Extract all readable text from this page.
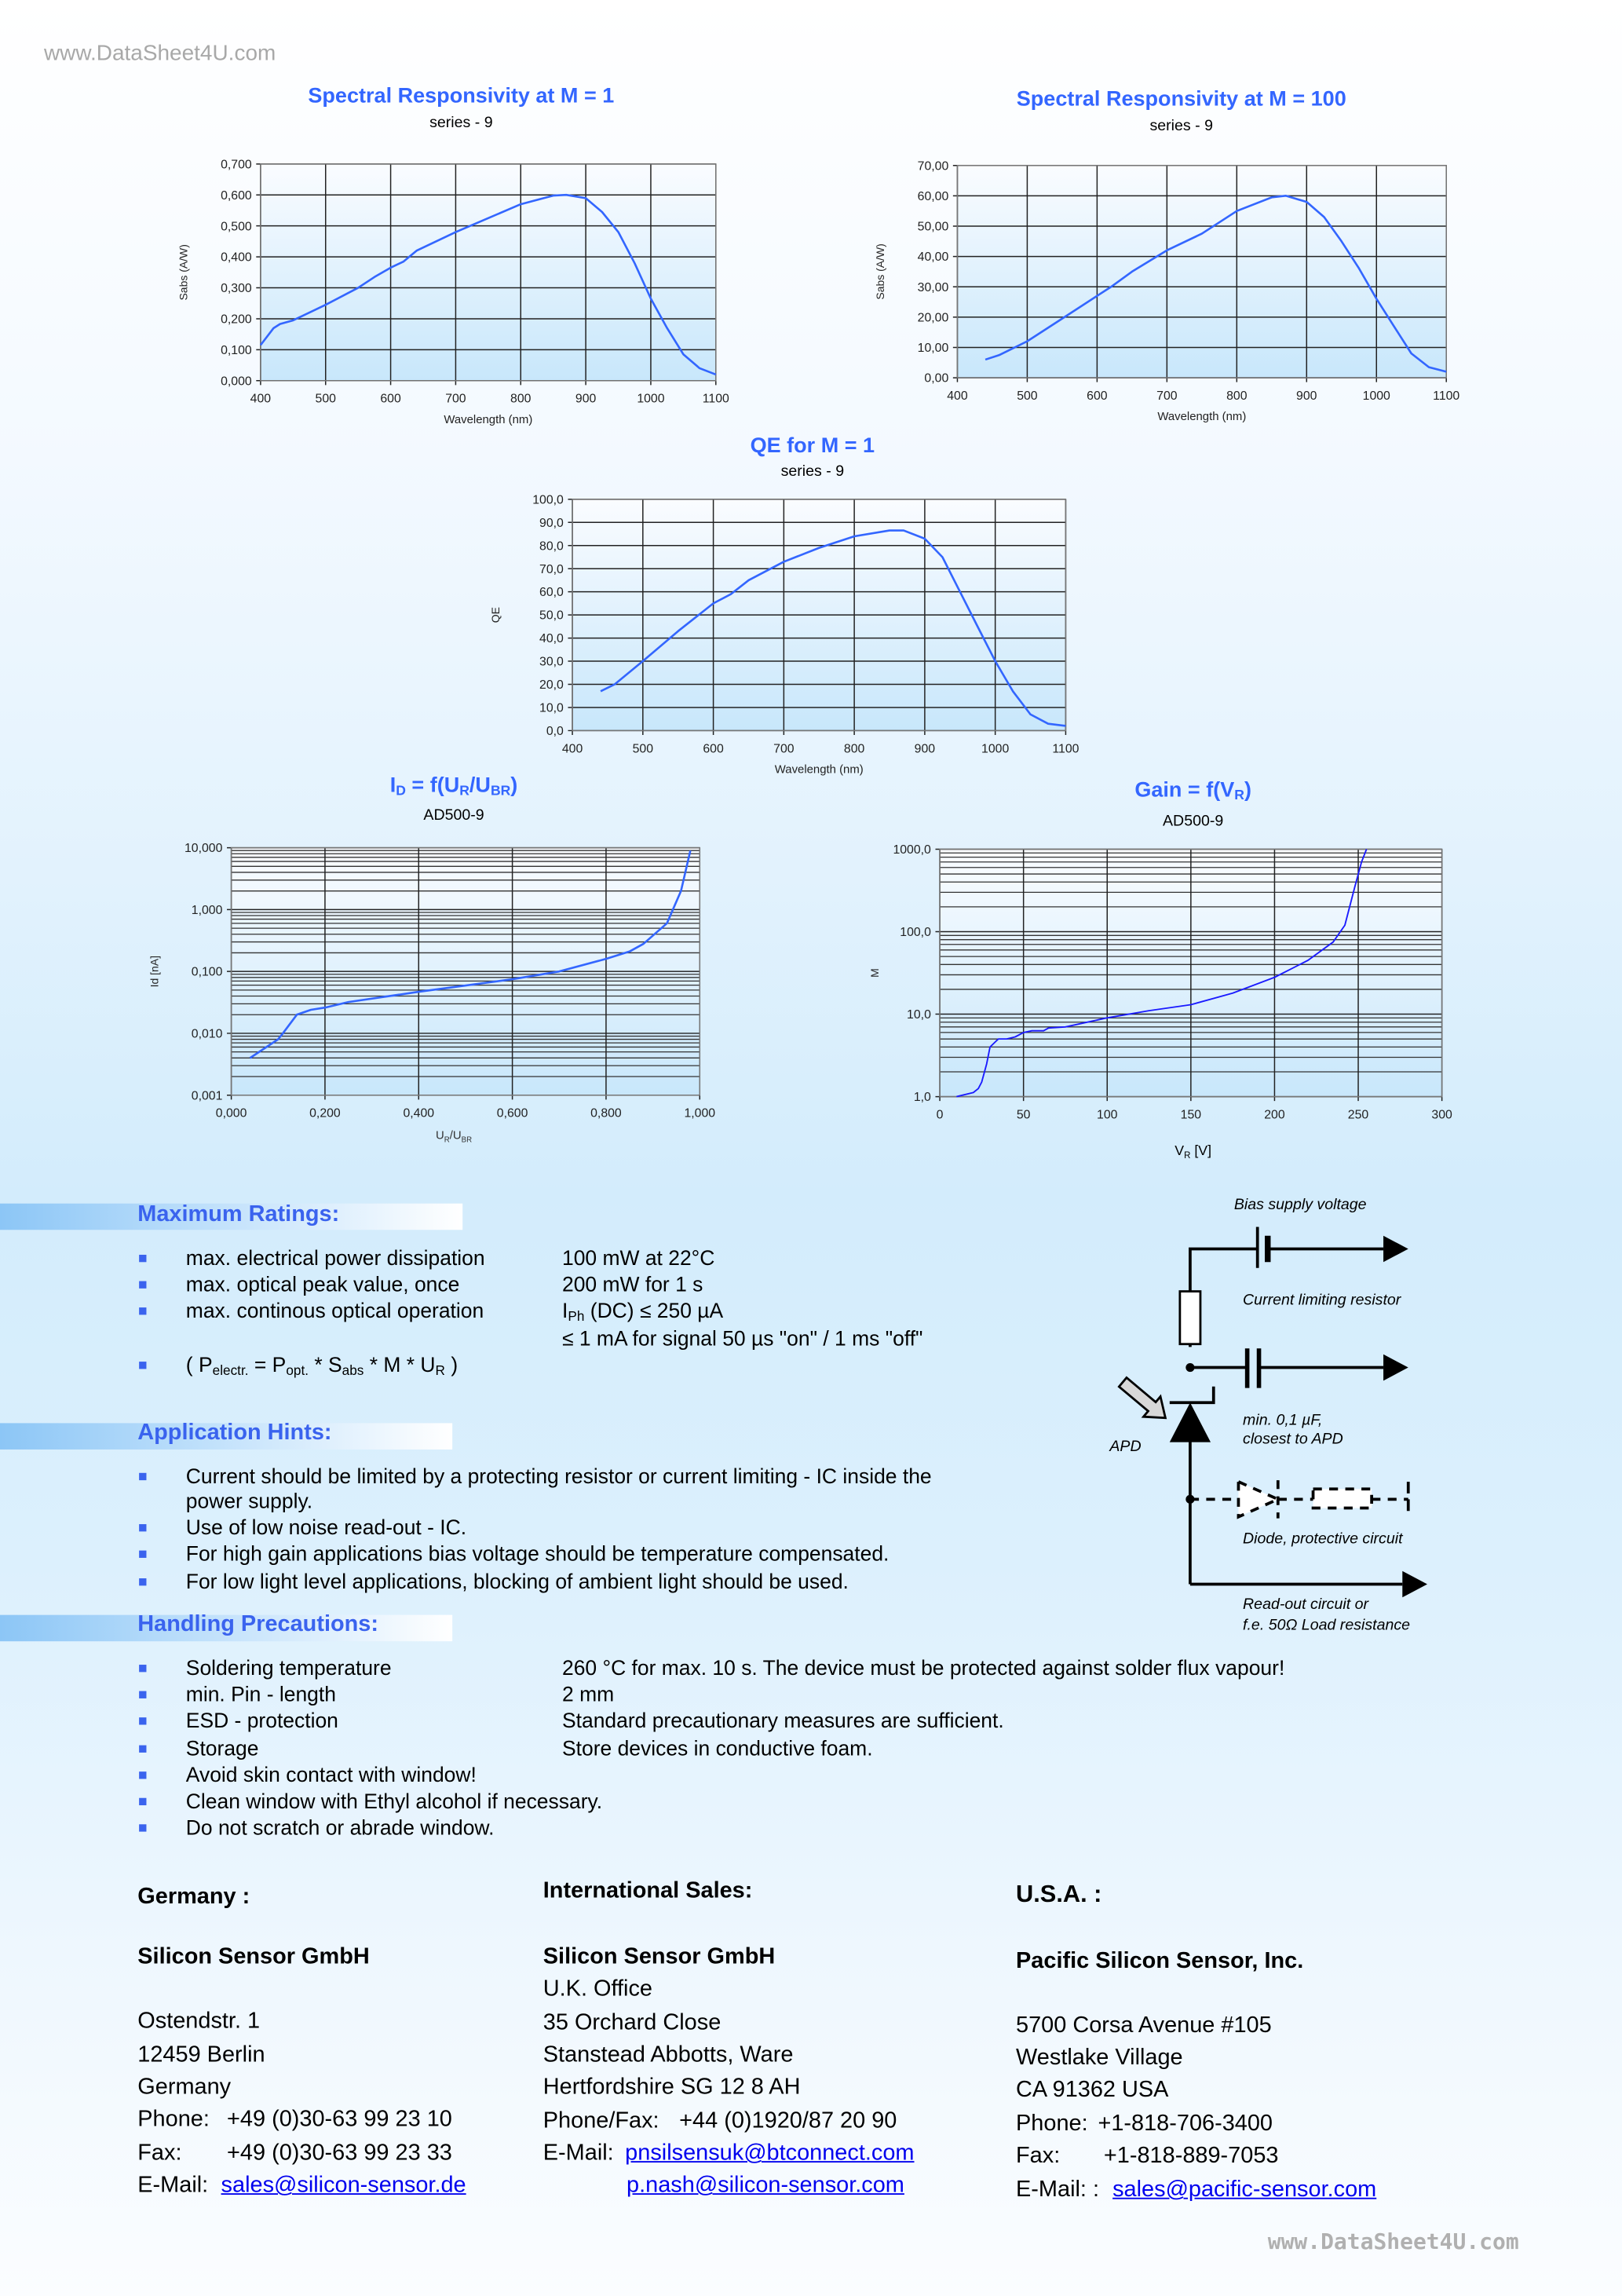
www.DataSheet4U.com
0,000
0,100
0,200
0,300
0,400
0,500
0,600
0,700
400	500	600	700	800	900	1000	1100
Wavelength (nm)
Sabs (A/W)
0,00
10,00
20,00
30,00
40,00
50,00
60,00
70,00
400	500	600	700	800	900	1000	1100
Wavelength (nm)
Sabs (A/W)
0,0
10,0
20,0
30,0
40,0
50,0
60,0
70,0
80,0
90,0
100,0
400	500	600	700	800	900	1000	1100
Wavelength (nm)
QE
0,001
0,010
0,100
1,000
10,000
0,000	0,200	0,400	0,600	0,800	1,000
Id [nA]
1,0
10,0
100,0
1000,0
0	50	100	150	200	250	300
M
Spectral Responsivity at M = 1
series - 9
Spectral Responsivity at M = 100
series - 9
QE for M = 1
series - 9
$I_D = f(U_R/U_{BR})$
AD500-9
Gain = $f(V_R)$
AD500-9
$U_R/U_{BR}$
$V_R$ [V]
Maximum Ratings:
Application Hints:
Handling Precautions:
Bias supply voltage
Current limiting resistor
min. 0,1 µF,
closest to APD
APD
Diode, protective circuit
Read-out circuit or
f.e. 50Ω Load resistance
Germany :
Silicon Sensor GmbH
Ostendstr. 1
12459 Berlin
Germany
Phone: +49 (0)30-63 99 23 10
Fax:	+49 (0)30-63 99 23 33
E-Mail: sales@silicon-sensor.de
International Sales:
Silicon Sensor GmbH
U.K. Office
35 Orchard Close
Stanstead Abbotts, Ware
Hertfordshire SG 12 8 AH
Phone/Fax: +44 (0)1920/87 20 90
E-Mail: pnsilsensuk@btconnect.com
p.nash@silicon-sensor.com
U.S.A. :
Pacific Silicon Sensor, Inc.
5700 Corsa Avenue #105
Westlake Village
CA 91362 USA
Phone: +1-818-706-3400
Fax:	+1-818-889-7053
E-Mail: : sales@pacific-sensor.com
www.DataSheet4U.com
max. electrical power dissipation	100 mW at 22°C
max. optical peak value, once	200 mW for 1 s
max. continous optical operation	$I_{Ph}$ (DC) ≤ 250 µA
≤ 1 mA for signal 50 µs "on" / 1 ms "off"
( $P_{electr.} = P_{opt.} * S_{abs} * M * U_R$ )
Current should be limited by a protecting resistor or current limiting - IC inside the
power supply.
Use of low noise read-out - IC.
For high gain applications bias voltage should be temperature compensated.
For low light level applications, blocking of ambient light should be used.
Soldering temperature	260 °C for max. 10 s. The device must be protected against solder flux vapour!
min. Pin - length	2 mm
ESD - protection	Standard precautionary measures are sufficient.
Storage	Store devices in conductive foam.
Avoid skin contact with window!
Clean window with Ethyl alcohol if necessary.
Do not scratch or abrade window.
